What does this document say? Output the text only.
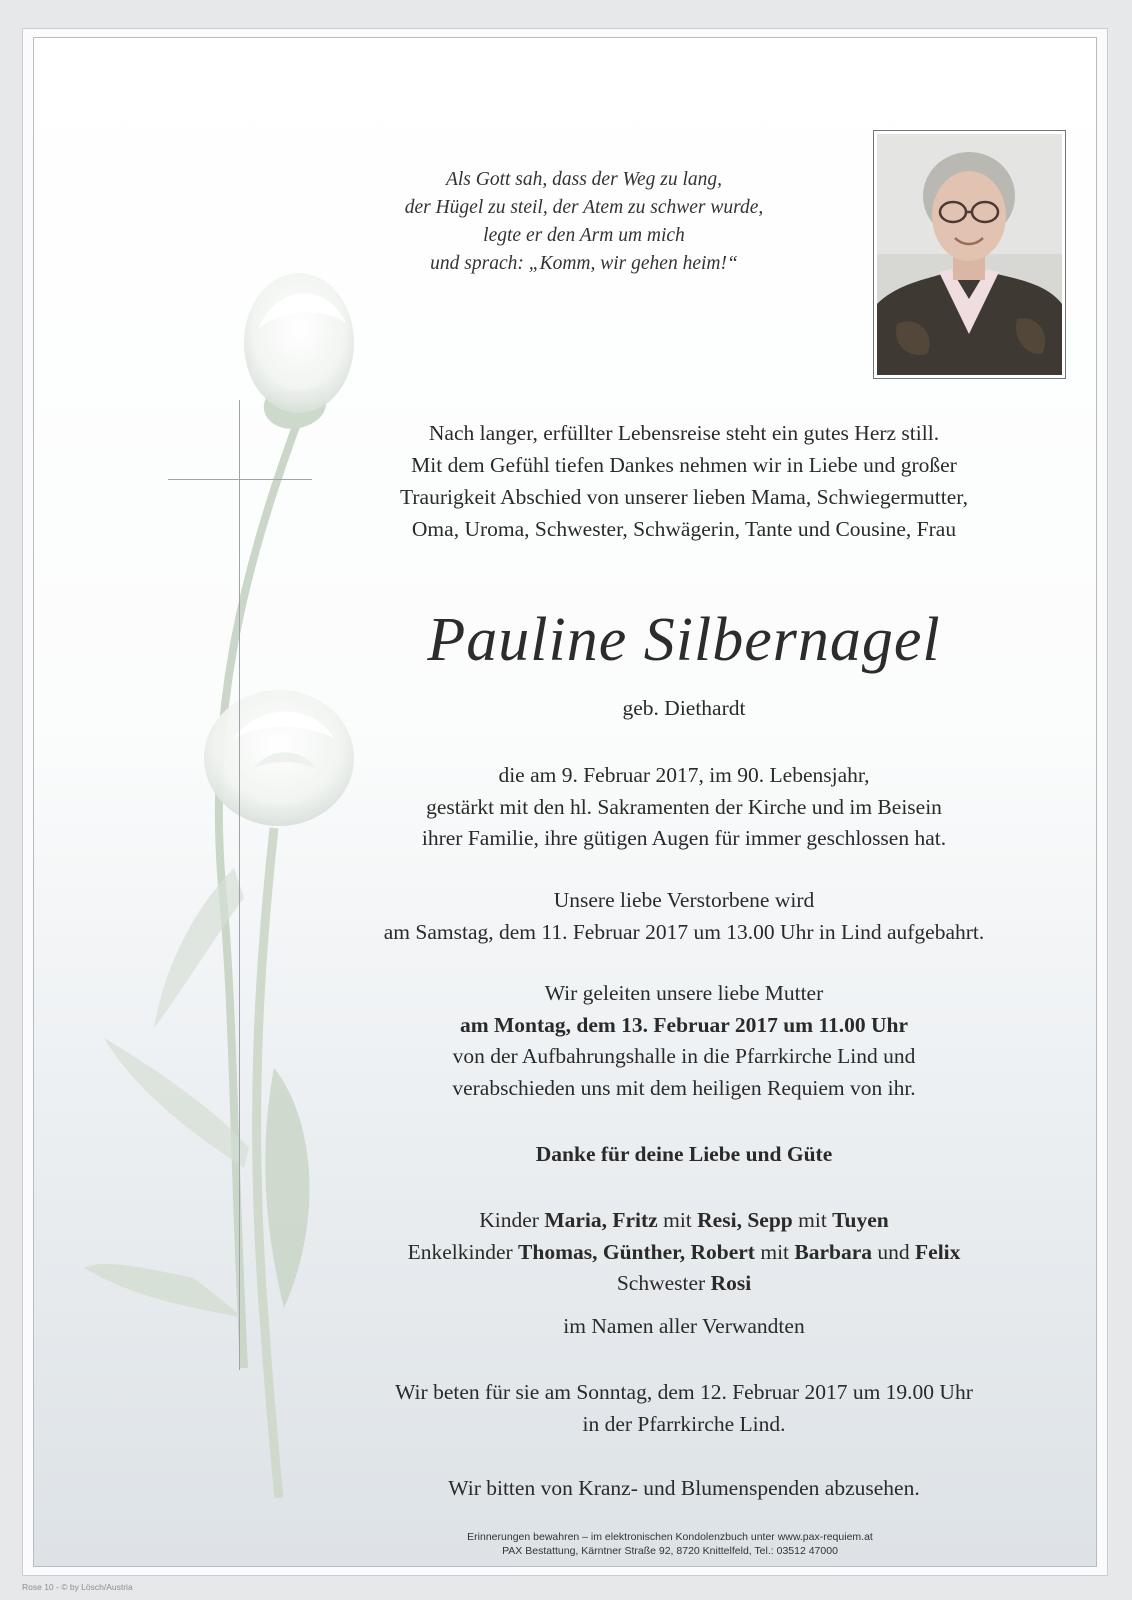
Als Gott sah, dass der Weg zu lang,
der Hügel zu steil, der Atem zu schwer wurde,
legte er den Arm um mich
und sprach: „Komm, wir gehen heim!“
Nach langer, erfüllter Lebensreise steht ein gutes Herz still.
Mit dem Gefühl tiefen Dankes nehmen wir in Liebe und großer
Traurigkeit Abschied von unserer lieben Mama, Schwiegermutter,
Oma, Uroma, Schwester, Schwägerin, Tante und Cousine, Frau
Pauline Silbernagel
geb. Diethardt
die am 9. Februar 2017, im 90. Lebensjahr,
gestärkt mit den hl. Sakramenten der Kirche und im Beisein
ihrer Familie, ihre gütigen Augen für immer geschlossen hat.
Unsere liebe Verstorbene wird
am Samstag, dem 11. Februar 2017 um 13.00 Uhr in Lind aufgebahrt.
Wir geleiten unsere liebe Mutter
am Montag, dem 13. Februar 2017 um 11.00 Uhr
von der Aufbahrungshalle in die Pfarrkirche Lind und
verabschieden uns mit dem heiligen Requiem von ihr.
Danke für deine Liebe und Güte
Kinder Maria, Fritz mit Resi, Sepp mit Tuyen
Enkelkinder Thomas, Günther, Robert mit Barbara und Felix
Schwester Rosi
im Namen aller Verwandten
Wir beten für sie am Sonntag, dem 12. Februar 2017 um 19.00 Uhr
in der Pfarrkirche Lind.
Wir bitten von Kranz- und Blumenspenden abzusehen.
Erinnerungen bewahren – im elektronischen Kondolenzbuch unter www.pax-requiem.at
PAX Bestattung, Kärntner Straße 92, 8720 Knittelfeld, Tel.: 03512 47000
Rose 10 - © by Lösch/Austria
